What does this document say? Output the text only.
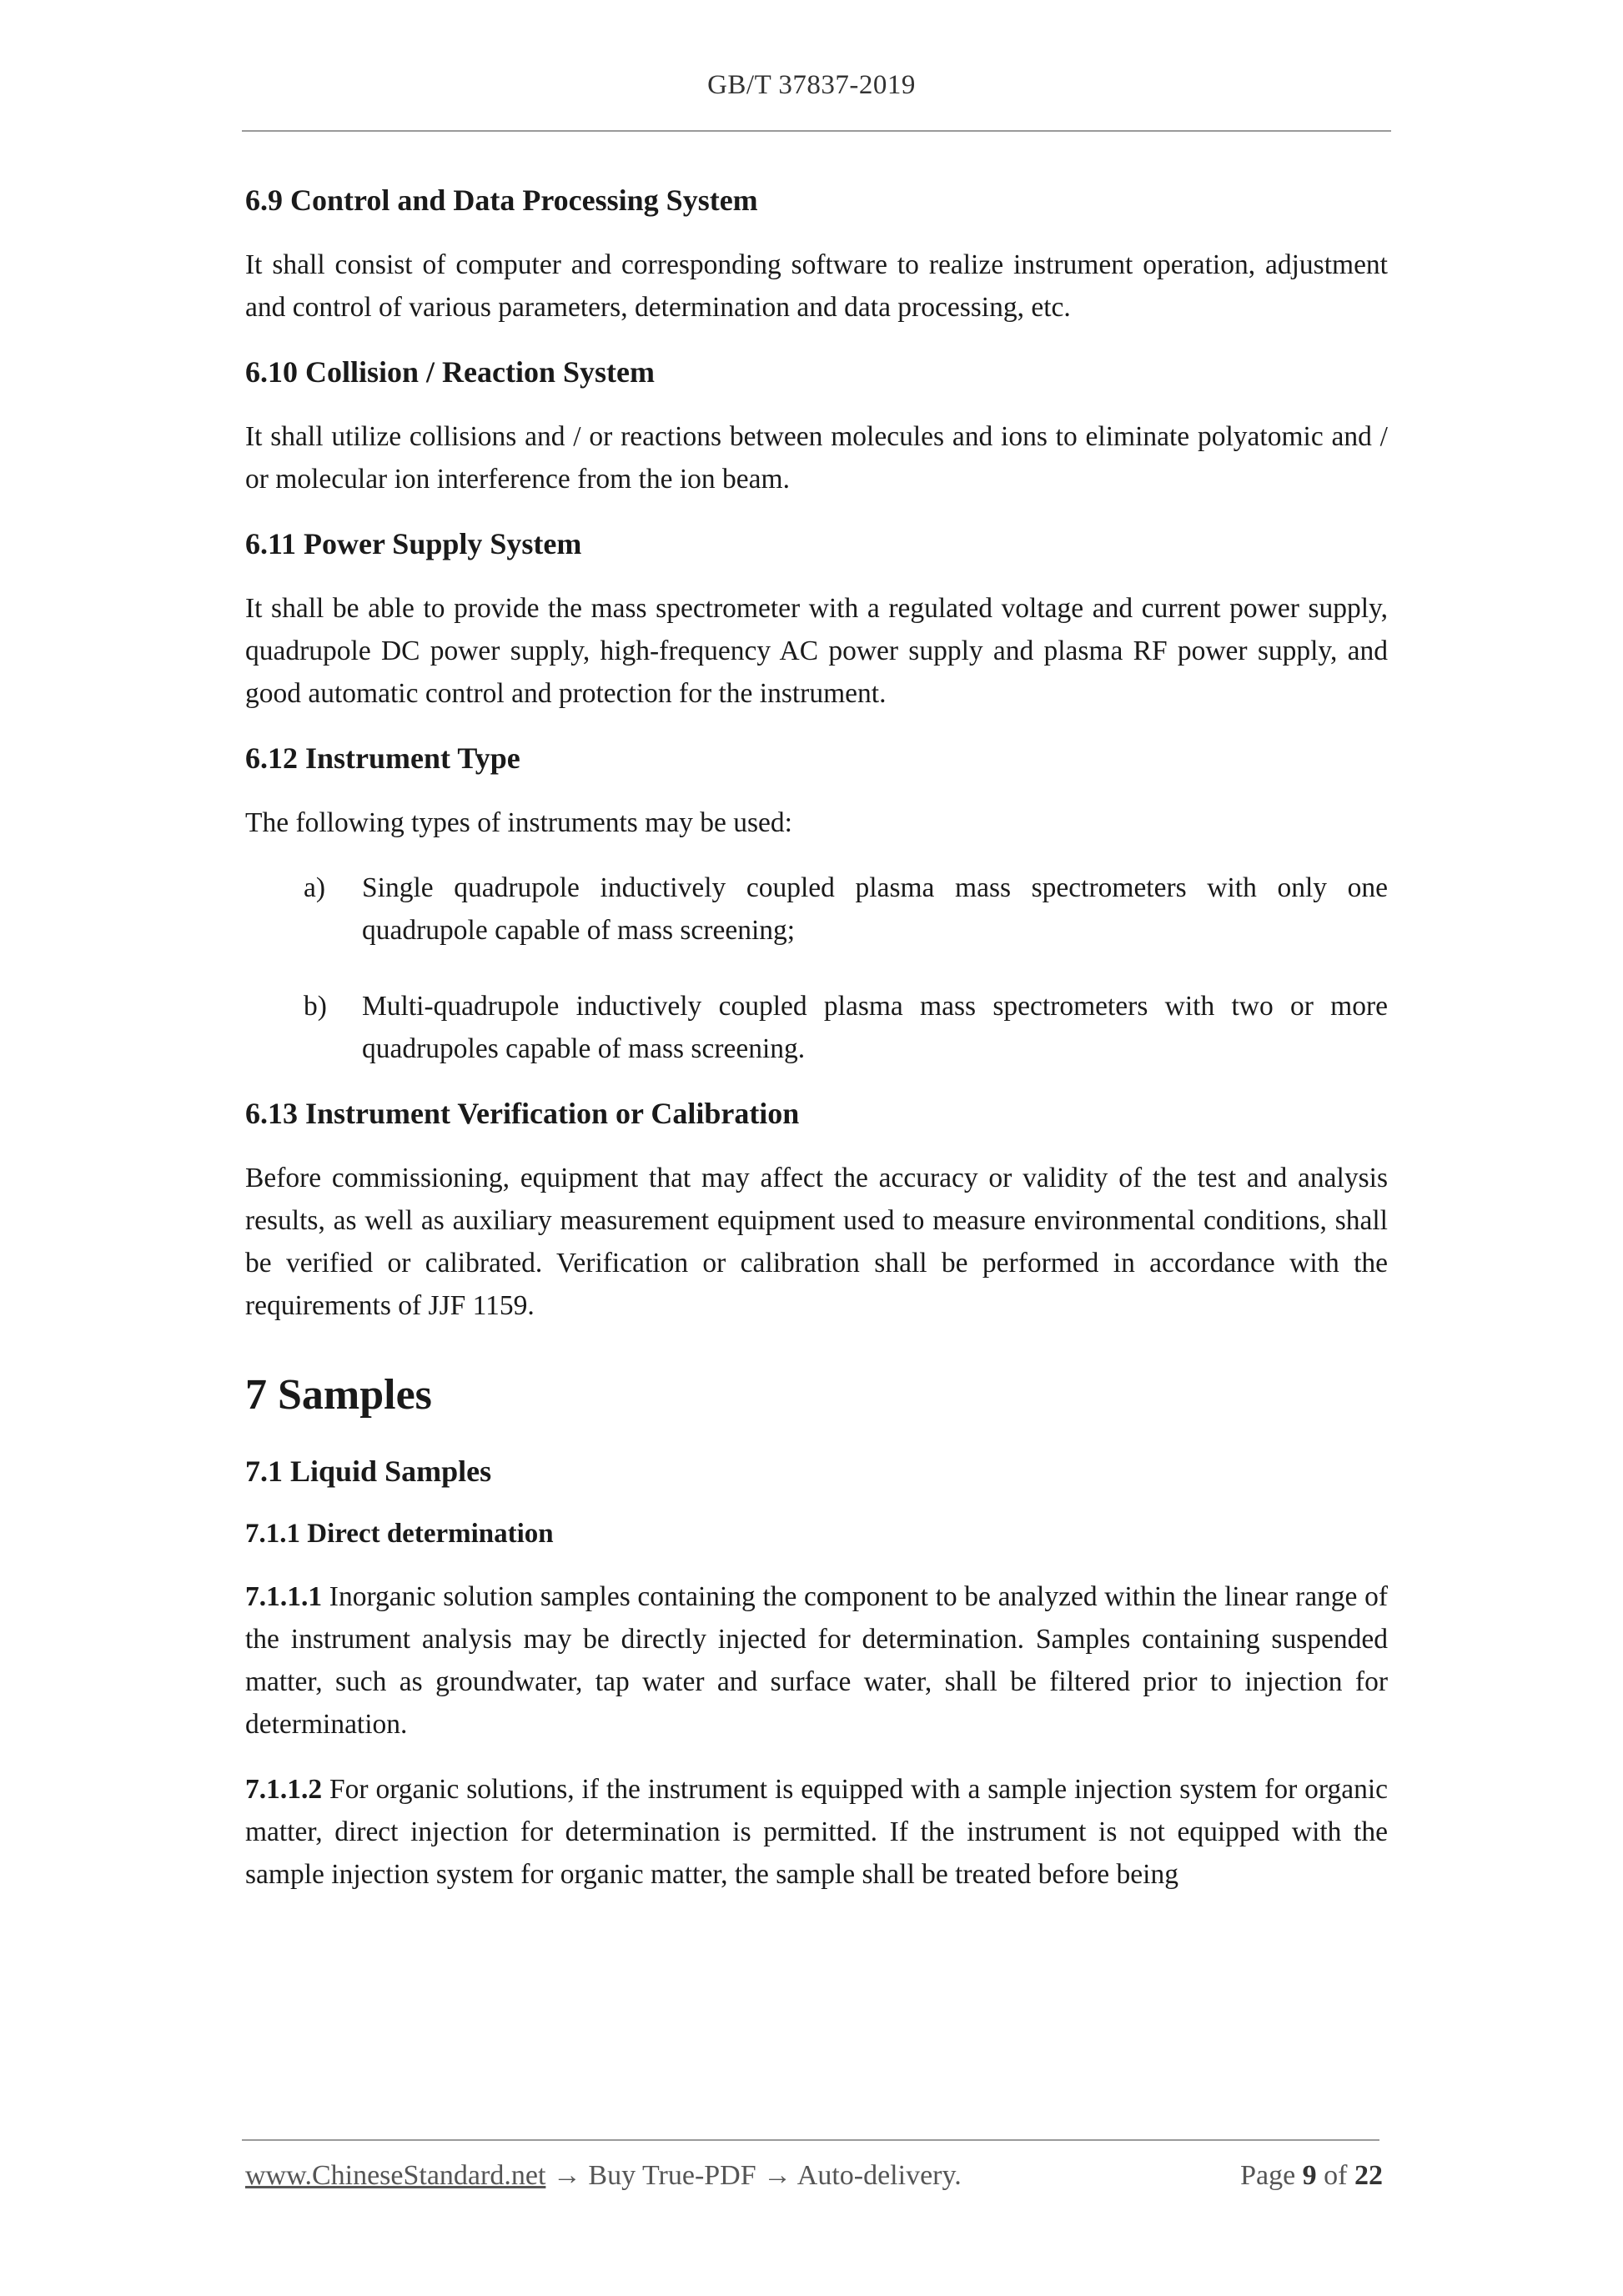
GB/T 37837-2019
6.9 Control and Data Processing System

It shall consist of computer and corresponding software to realize instrument operation, adjustment and control of various parameters, determination and data processing, etc.

6.10 Collision / Reaction System

It shall utilize collisions and / or reactions between molecules and ions to eliminate polyatomic and / or molecular ion interference from the ion beam.

6.11 Power Supply System

It shall be able to provide the mass spectrometer with a regulated voltage and current power supply, quadrupole DC power supply, high-frequency AC power supply and plasma RF power supply, and good automatic control and protection for the instrument.

6.12 Instrument Type

The following types of instruments may be used:

a)	Single quadrupole inductively coupled plasma mass spectrometers with only one quadrupole capable of mass screening;
b)	Multi-quadrupole inductively coupled plasma mass spectrometers with two or more quadrupoles capable of mass screening.
6.13 Instrument Verification or Calibration

Before commissioning, equipment that may affect the accuracy or validity of the test and analysis results, as well as auxiliary measurement equipment used to measure environmental conditions, shall be verified or calibrated. Verification or calibration shall be performed in accordance with the requirements of JJF 1159.

7 Samples
7.1 Liquid Samples
7.1.1 Direct determination

7.1.1.1 Inorganic solution samples containing the component to be analyzed within the linear range of the instrument analysis may be directly injected for determination. Samples containing suspended matter, such as groundwater, tap water and surface water, shall be filtered prior to injection for determination.

7.1.1.2 For organic solutions, if the instrument is equipped with a sample injection system for organic matter, direct injection for determination is permitted. If the instrument is not equipped with the sample injection system for organic matter, the sample shall be treated before being

www.ChineseStandard.net → Buy True-PDF → Auto-delivery.	Page 9 of 22
